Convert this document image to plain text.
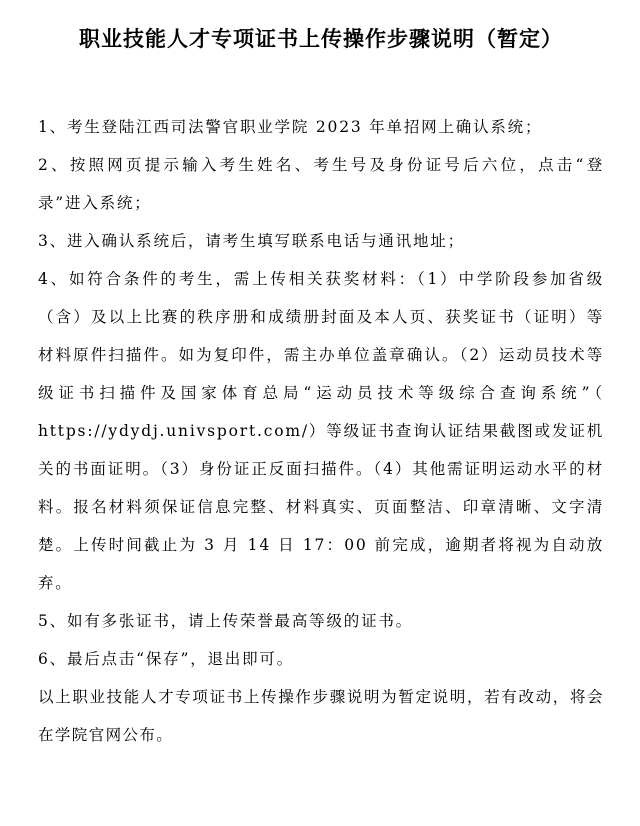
职业技能人才专项证书上传操作步骤说明（暂定）

1、考生登陆江西司法警官职业学院 2023 年单招网上确认系统；

2、按照网页提示输入考生姓名、考生号及身份证号后六位，点击“登录”进入系统；

3、进入确认系统后，请考生填写联系电话与通讯地址；

4、如符合条件的考生，需上传相关获奖材料：（1）中学阶段参加省级（含）及以上比赛的秩序册和成绩册封面及本人页、获奖证书（证明）等材料原件扫描件。如为复印件，需主办单位盖章确认。（2）运动员技术等级证书扫描件及国家体育总局“运动员技术等级综合查询系统”（ https://ydydj.univsport.com/）等级证书查询认证结果截图或发证机关的书面证明。（3）身份证正反面扫描件。（4）其他需证明运动水平的材料。报名材料须保证信息完整、材料真实、页面整洁、印章清晰、文字清楚。上传时间截止为 3 月 14 日 17：00 前完成，逾期者将视为自动放弃。

5、如有多张证书，请上传荣誉最高等级的证书。

6、最后点击“保存”，退出即可。

以上职业技能人才专项证书上传操作步骤说明为暂定说明，若有改动，将会在学院官网公布。
